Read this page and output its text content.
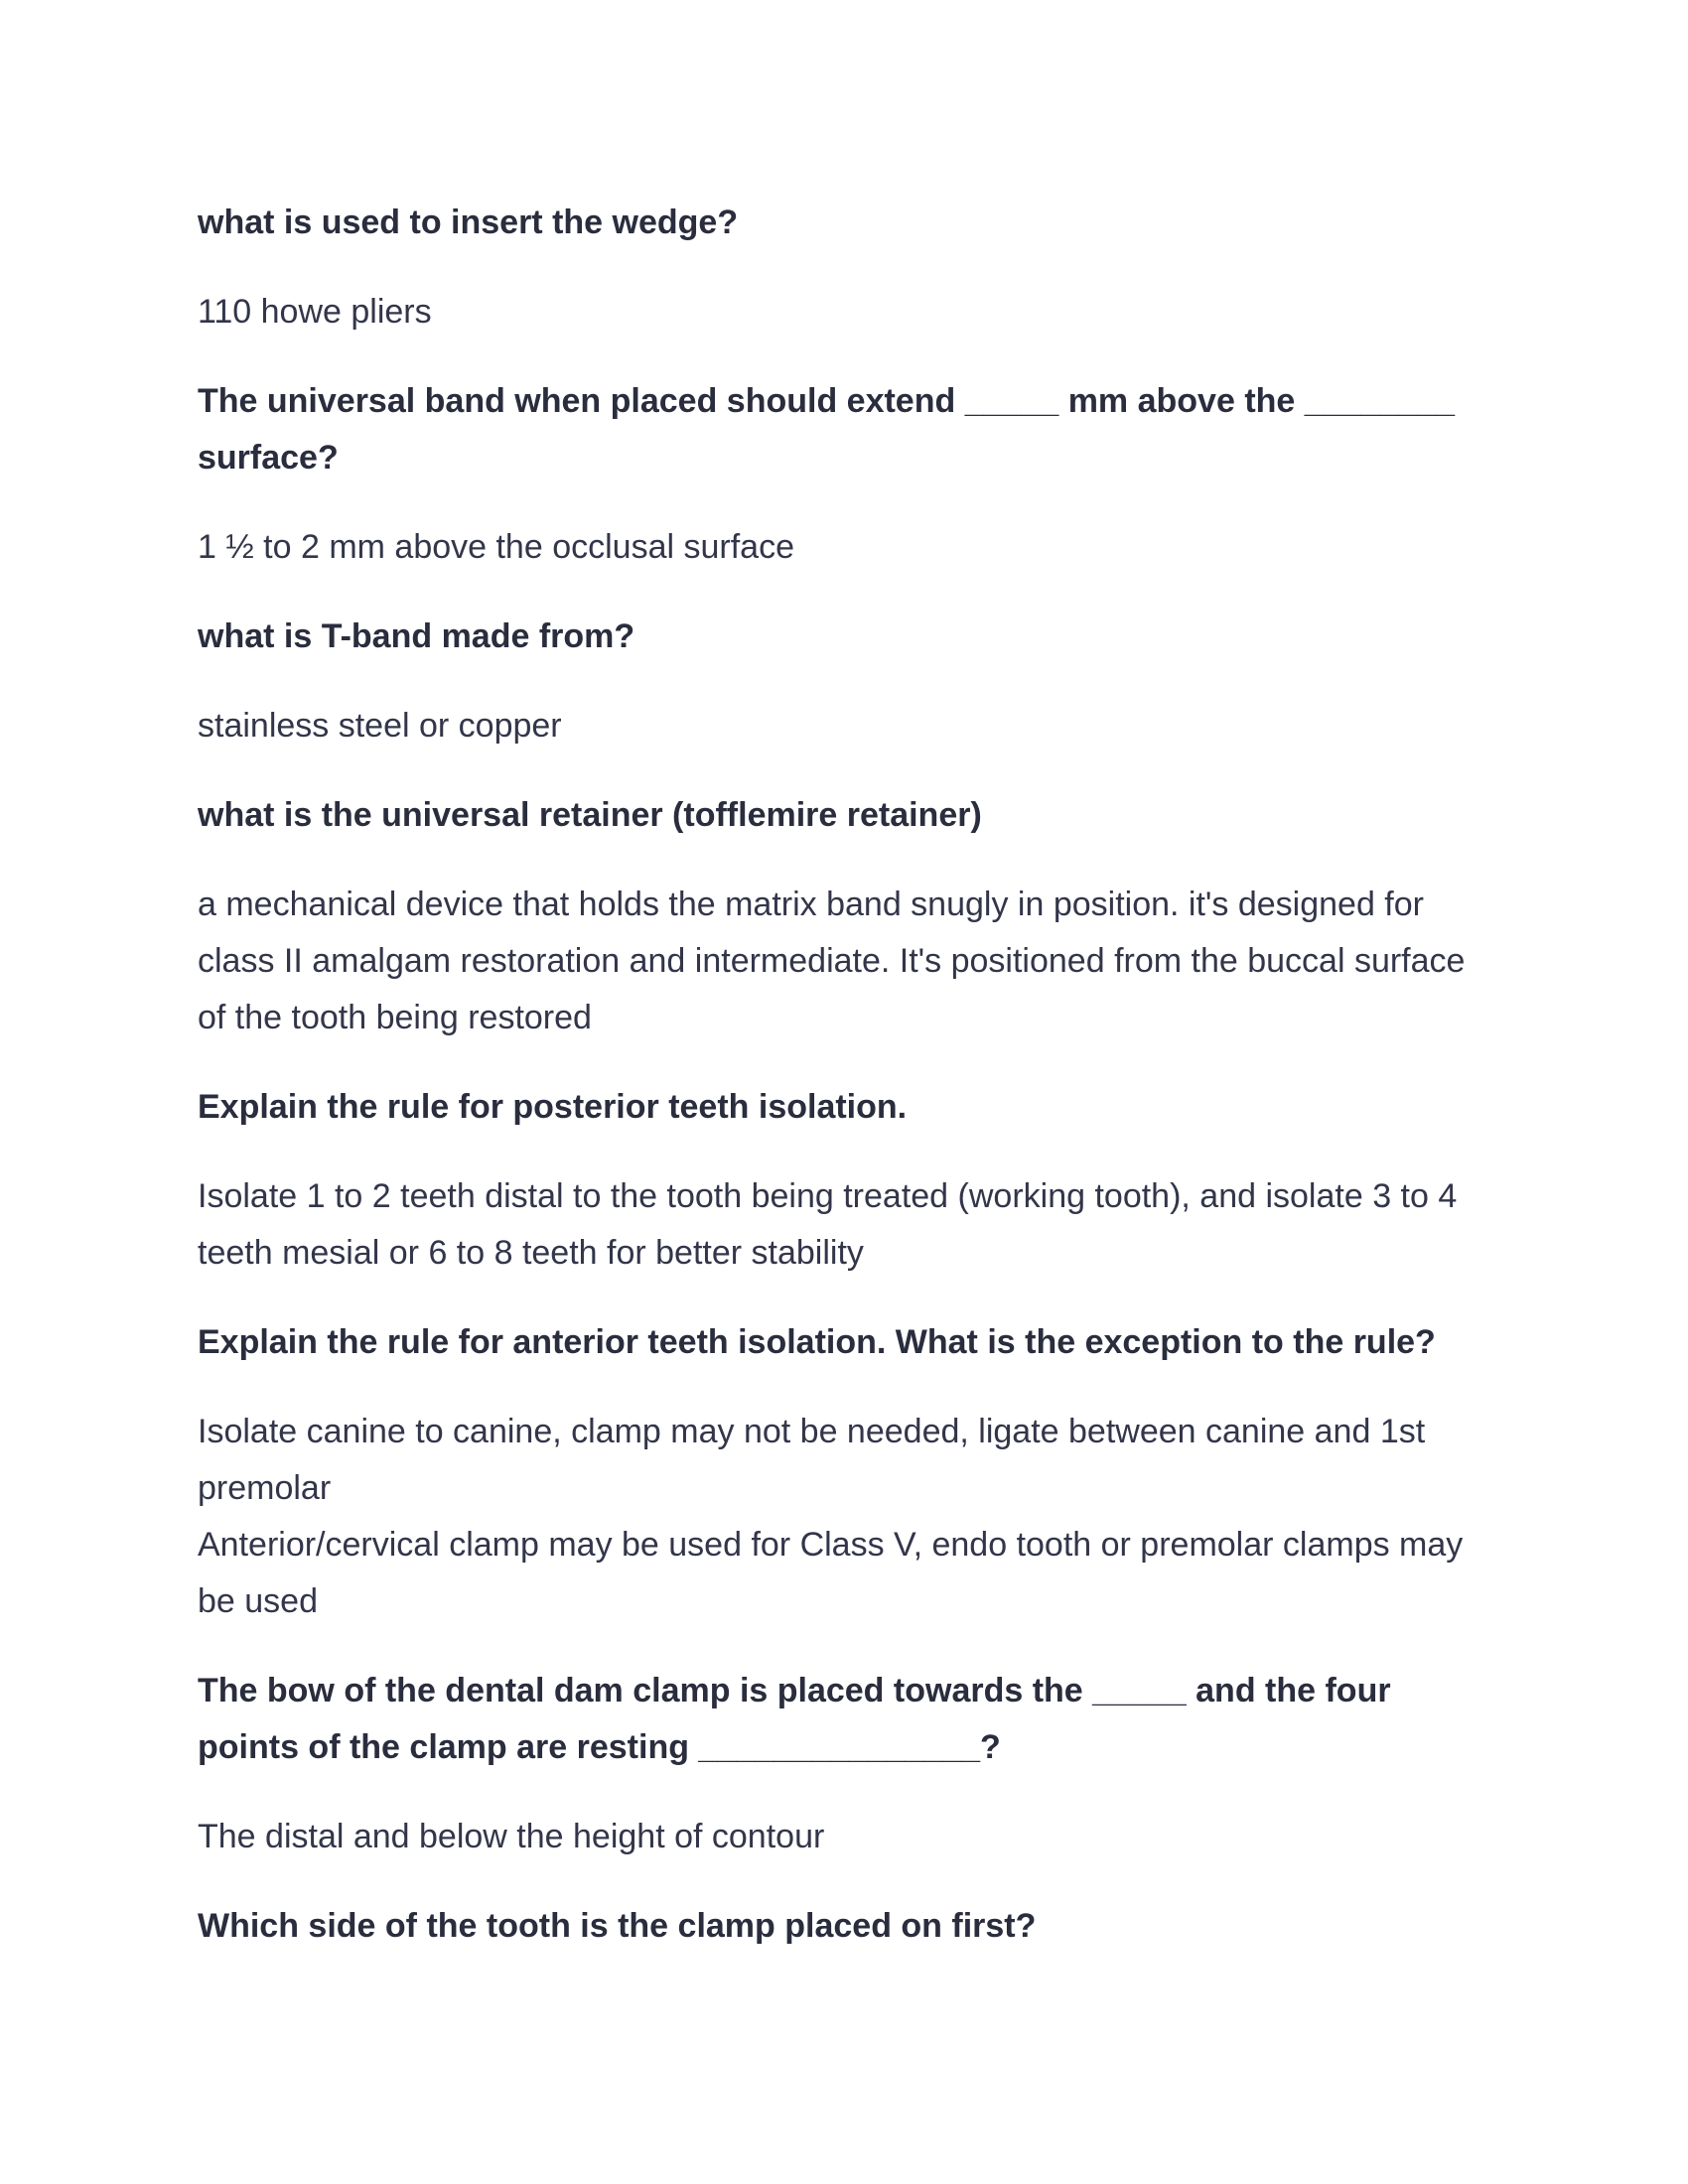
what is used to insert the wedge?

110 howe pliers

The universal band when placed should extend _____ mm above the ________ surface?

1 ½ to 2 mm above the occlusal surface

what is T-band made from?

stainless steel or copper

what is the universal retainer (tofflemire retainer)

a mechanical device that holds the matrix band snugly in position. it's designed for class II amalgam restoration and intermediate. It's positioned from the buccal surface of the tooth being restored

Explain the rule for posterior teeth isolation.

Isolate 1 to 2 teeth distal to the tooth being treated (working tooth), and isolate 3 to 4 teeth mesial or 6 to 8 teeth for better stability

Explain the rule for anterior teeth isolation. What is the exception to the rule?

Isolate canine to canine, clamp may not be needed, ligate between canine and 1st premolar
Anterior/cervical clamp may be used for Class V, endo tooth or premolar clamps may be used

The bow of the dental dam clamp is placed towards the _____ and the four points of the clamp are resting _______________?

The distal and below the height of contour

Which side of the tooth is the clamp placed on first?
